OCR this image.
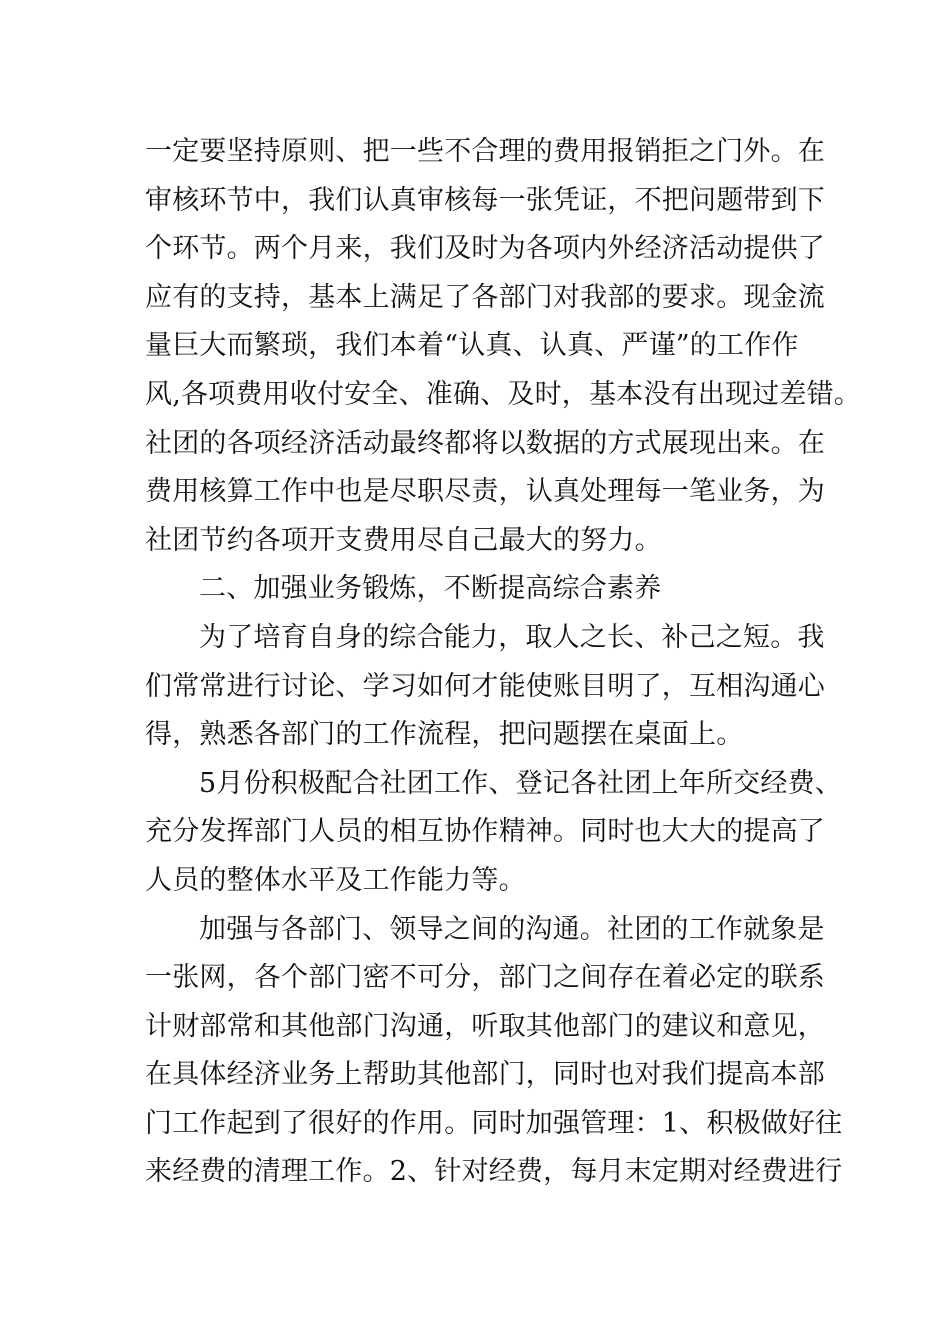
一定要坚持原则、把一些不合理的费用报销拒之门外。在
审核环节中，我们认真审核每一张凭证，不把问题带到下
个环节。两个月来，我们及时为各项内外经济活动提供了
应有的支持，基本上满足了各部门对我部的要求。现金流
量巨大而繁琐，我们本着“认真、认真、严谨”的工作作
风,各项费用收付安全、准确、及时，基本没有出现过差错。
社团的各项经济活动最终都将以数据的方式展现出来。在
费用核算工作中也是尽职尽责，认真处理每一笔业务，为
社团节约各项开支费用尽自己最大的努力。
二、加强业务锻炼，不断提高综合素养
为了培育自身的综合能力，取人之长、补己之短。我
们常常进行讨论、学习如何才能使账目明了，互相沟通心
得，熟悉各部门的工作流程，把问题摆在桌面上。
5月份积极配合社团工作、登记各社团上年所交经费、
充分发挥部门人员的相互协作精神。同时也大大的提高了
人员的整体水平及工作能力等。
加强与各部门、领导之间的沟通。社团的工作就象是
一张网，各个部门密不可分，部门之间存在着必定的联系
计财部常和其他部门沟通，听取其他部门的建议和意见，
在具体经济业务上帮助其他部门，同时也对我们提高本部
门工作起到了很好的作用。同时加强管理：1、积极做好往
来经费的清理工作。2、针对经费，每月末定期对经费进行
